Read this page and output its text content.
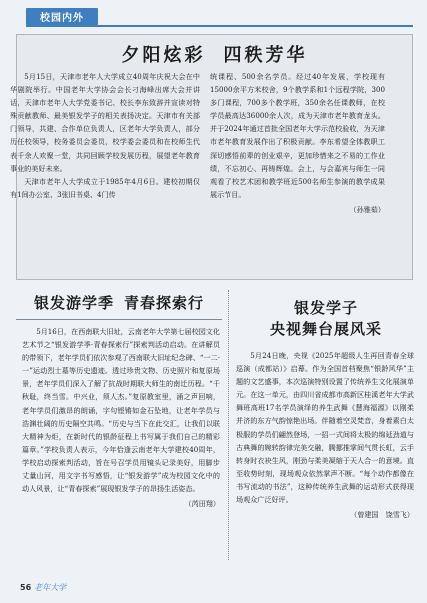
校园内外
夕阳炫彩 四秩芳华

5月15日，天津市老年人大学成立40周年庆祝大会在中华剧院举行。中国老年大学协会会长刁海峰出席大会并讲话，天津市老年人大学党委书记、校长李东致辞并宣读对特殊贡献教师、最美银发学子的相关表扬决定。天津市有关部门领导，共建、合作单位负责人，区老年大学负责人，部分历任校领导，校务委员会委员，校学委会委员和在校师生代表千余人欢聚一堂，共同回顾学校发展历程，展望老年教育事业的美好未来。

天津市老年人大学成立于1985年4月6日。建校初期仅有1间办公室、3张旧书桌、4门传

统课程、500余名学员。经过40年发展，学校现有15000余平方米校舍，9个教学系和1个远程学院，300多门课程，700多个教学班，350余名任课教师，在校学员最高达36000余人次，成为天津市老年教育龙头。并于2024年通过首批全国老年大学示范校验收，为天津市老年教育发展作出了积极贡献。李东希望全体教职工深切感悟前辈的创业艰辛，更加珍惜来之不易的工作业绩，不忘初心、再铸辉煌。会上，与会嘉宾与师生一同观看了校艺术团和教学班近500名师生参演的教学成果展示节目。

（孙雅茹）
银发游学季 青春探索行

5月16日，在西南联大旧址，云南老年大学第七届校园文化艺术节之“银发游学季·青春探索行”探索判活动启动。在讲解员的带领下，老年学员们依次参观了西南联大旧址纪念碑、“一二·一”运动烈士墓等历史遗迹。透过珍贵文物、历史照片和复原场景，老年学员们深入了解了抗战时期联大师生的南迁历程。“千秋耻，终当雪。中兴业，须人杰。”复原教室里，涌之声回响，老年学员们激昂的朗诵，字句铿锵如金石坠地，让老年学员与浩渊壮阔的历史隔空共鸣。“历史与当下在此交汇，让我们以联大精神为炬，在新时代的银龄征程上书写属于我们自己的精彩篇章。”学校负责人表示，今年恰逢云南老年大学建校40周年，学校启动探索判活动，旨在号召学员用镜头记录美好，用脚步丈量山河，用文字书写感悟，让“银发游学”成为校园文化中的动人风景，让“青春探索”展现银发学子的昂扬生活姿态。

（芮田翔）
银发学子
央视舞台展风采

5月24日晚，央视《2025年超级人生再回青春全球巡演（成都站）》启幕。作为全国首档聚焦“银龄风华”主题的文艺盛事，本次巡演特别设置了传统养生文化展演单元。在这一单元，由四川省成都市高新区桂溪老年大学武舞班高班17名学员演绎的养生武舞《慧海福源》以刚柔并济的东方气韵惊艳出场。伴随着空灵梵音，身着素白太极服的学员们翩然登场，一招一式间将太极的绵延劲道与古典舞的婉转韵律完美交融，腾挪推掌间气贯长虹，云手转身时衣袂生风，刚劲与柔美凝缩于天人合一的意境。直至收势时刻，现场观众依然掌声不断。“每个动作都像在书写流动的书法”，这种传统养生武舞的运动形式获得现场观众广泛好评。

（曾建国　饶雪飞）
56 老年大学
